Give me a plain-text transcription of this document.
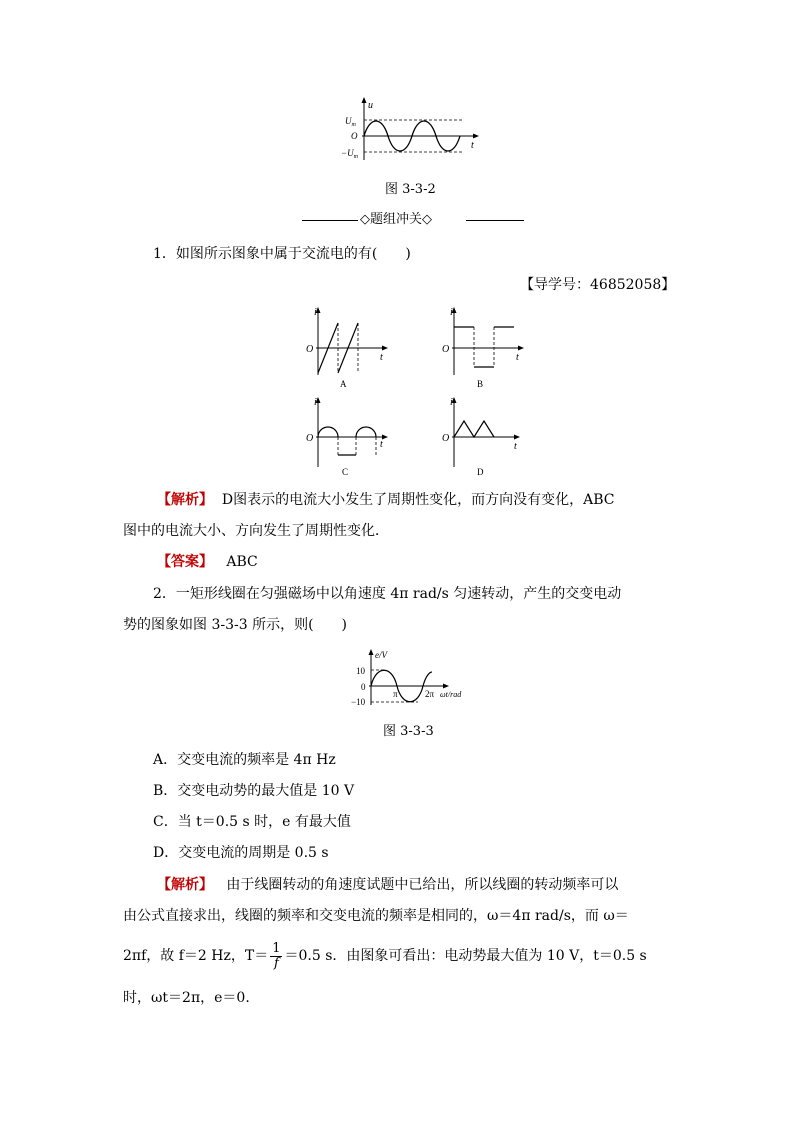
u
$U_m$
O
$-U_m$
t
图 3-3-2
◇题组冲关◇
1．如图所示图象中属于交流电的有(　　)
【导学号：46852058】
i
O
t
A
i
O
t
B
i
O
t
C
i
O
t
D
【解析】 D图表示的电流大小发生了周期性变化，而方向没有变化，ABC
图中的电流大小、方向发生了周期性变化．
【答案】 ABC
2．一矩形线圈在匀强磁场中以角速度 4π rad/s 匀速转动，产生的交变电动
势的图象如图 3-3-3 所示，则(　　)
e/V
10
0
−10
π	2π ωt/rad
图 3-3-3
A．交变电流的频率是 4π Hz
B．交变电动势的最大值是 10 V
C．当 t＝0.5 s 时，e 有最大值
D．交变电流的周期是 0.5 s
【解析】 由于线圈转动的角速度试题中已给出，所以线圈的转动频率可以
由公式直接求出，线圈的频率和交变电流的频率是相同的，ω＝4π rad/s，而 ω＝
2πf，故 f＝2 Hz，$T= \frac{1}{f} =0.5$ s．由图象可看出：电动势最大值为 10 V，t＝0.5 s
时，ωt＝2π，e＝0.
